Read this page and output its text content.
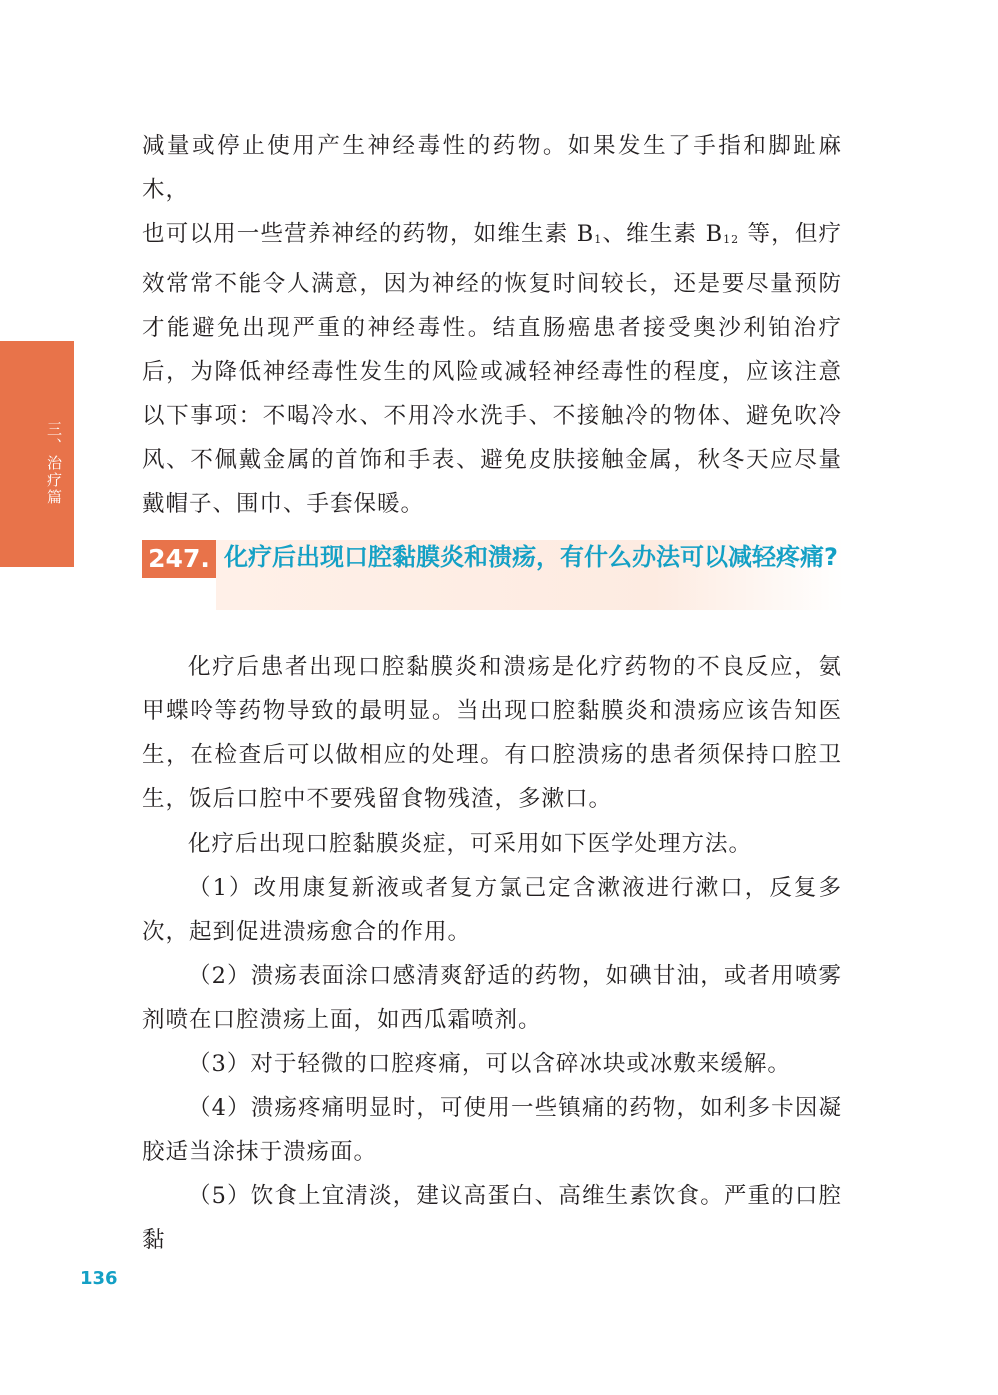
三、治疗篇

减量或停止使用产生神经毒性的药物。如果发生了手指和脚趾麻木，
也可以用一些营养神经的药物，如维生素 $B_1$、维生素 $B_{12}$ 等，但疗效常常不能令人满意，因为神经的恢复时间较长，还是要尽量预防才能避免出现严重的神经毒性。结直肠癌患者接受奥沙利铂治疗后，为降低神经毒性发生的风险或减轻神经毒性的程度，应该注意以下事项：不喝冷水、不用冷水洗手、不接触冷的物体、避免吹冷风、不佩戴金属的首饰和手表、避免皮肤接触金属，秋冬天应尽量戴帽子、围巾、手套保暖。

247. 化疗后出现口腔黏膜炎和溃疡，有什么办法可以减轻疼痛?

化疗后患者出现口腔黏膜炎和溃疡是化疗药物的不良反应，氨甲蝶呤等药物导致的最明显。当出现口腔黏膜炎和溃疡应该告知医生，在检查后可以做相应的处理。有口腔溃疡的患者须保持口腔卫生，饭后口腔中不要残留食物残渣，多漱口。

化疗后出现口腔黏膜炎症，可采用如下医学处理方法。

（1）改用康复新液或者复方氯己定含漱液进行漱口，反复多次，起到促进溃疡愈合的作用。

（2）溃疡表面涂口感清爽舒适的药物，如碘甘油，或者用喷雾剂喷在口腔溃疡上面，如西瓜霜喷剂。

（3）对于轻微的口腔疼痛，可以含碎冰块或冰敷来缓解。

（4）溃疡疼痛明显时，可使用一些镇痛的药物，如利多卡因凝胶适当涂抹于溃疡面。

（5）饮食上宜清淡，建议高蛋白、高维生素饮食。严重的口腔黏

136
